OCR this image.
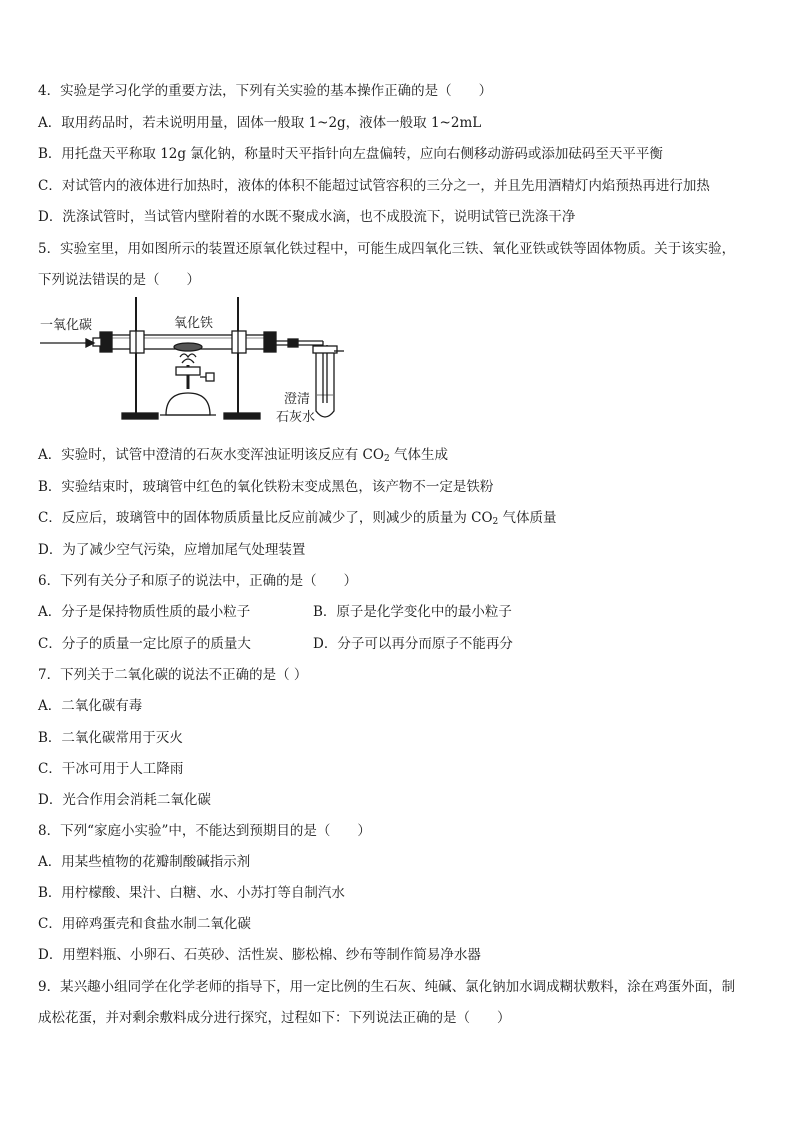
4．实验是学习化学的重要方法，下列有关实验的基本操作正确的是（　　）
A．取用药品时，若未说明用量，固体一般取 1~2g，液体一般取 1~2mL
B．用托盘天平称取 12g 氯化钠，称量时天平指针向左盘偏转，应向右侧移动游码或添加砝码至天平平衡
C．对试管内的液体进行加热时，液体的体积不能超过试管容积的三分之一，并且先用酒精灯内焰预热再进行加热
D．洗涤试管时，当试管内壁附着的水既不聚成水滴，也不成股流下，说明试管已洗涤干净
5．实验室里，用如图所示的装置还原氧化铁过程中，可能生成四氧化三铁、氧化亚铁或铁等固体物质。关于该实验，
下列说法错误的是（　　）
一氧化碳	氧化铁
澄清
石灰水
A．实验时，试管中澄清的石灰水变浑浊证明该反应有 $CO_2$ 气体生成
B．实验结束时，玻璃管中红色的氧化铁粉末变成黑色，该产物不一定是铁粉
C．反应后，玻璃管中的固体物质质量比反应前减少了，则减少的质量为 $CO_2$ 气体质量
D．为了减少空气污染，应增加尾气处理装置
6．下列有关分子和原子的说法中，正确的是（　　）
A．分子是保持物质性质的最小粒子	B．原子是化学变化中的最小粒子
C．分子的质量一定比原子的质量大	D．分子可以再分而原子不能再分
7．下列关于二氧化碳的说法不正确的是（ ）
A．二氧化碳有毒
B．二氧化碳常用于灭火
C．干冰可用于人工降雨
D．光合作用会消耗二氧化碳
8．下列“家庭小实验”中，不能达到预期目的是（　　）
A．用某些植物的花瓣制酸碱指示剂
B．用柠檬酸、果汁、白糖、水、小苏打等自制汽水
C．用碎鸡蛋壳和食盐水制二氧化碳
D．用塑料瓶、小卵石、石英砂、活性炭、膨松棉、纱布等制作简易净水器
9．某兴趣小组同学在化学老师的指导下，用一定比例的生石灰、纯碱、氯化钠加水调成糊状敷料，涂在鸡蛋外面，制
成松花蛋，并对剩余敷料成分进行探究，过程如下：下列说法正确的是（　　）
